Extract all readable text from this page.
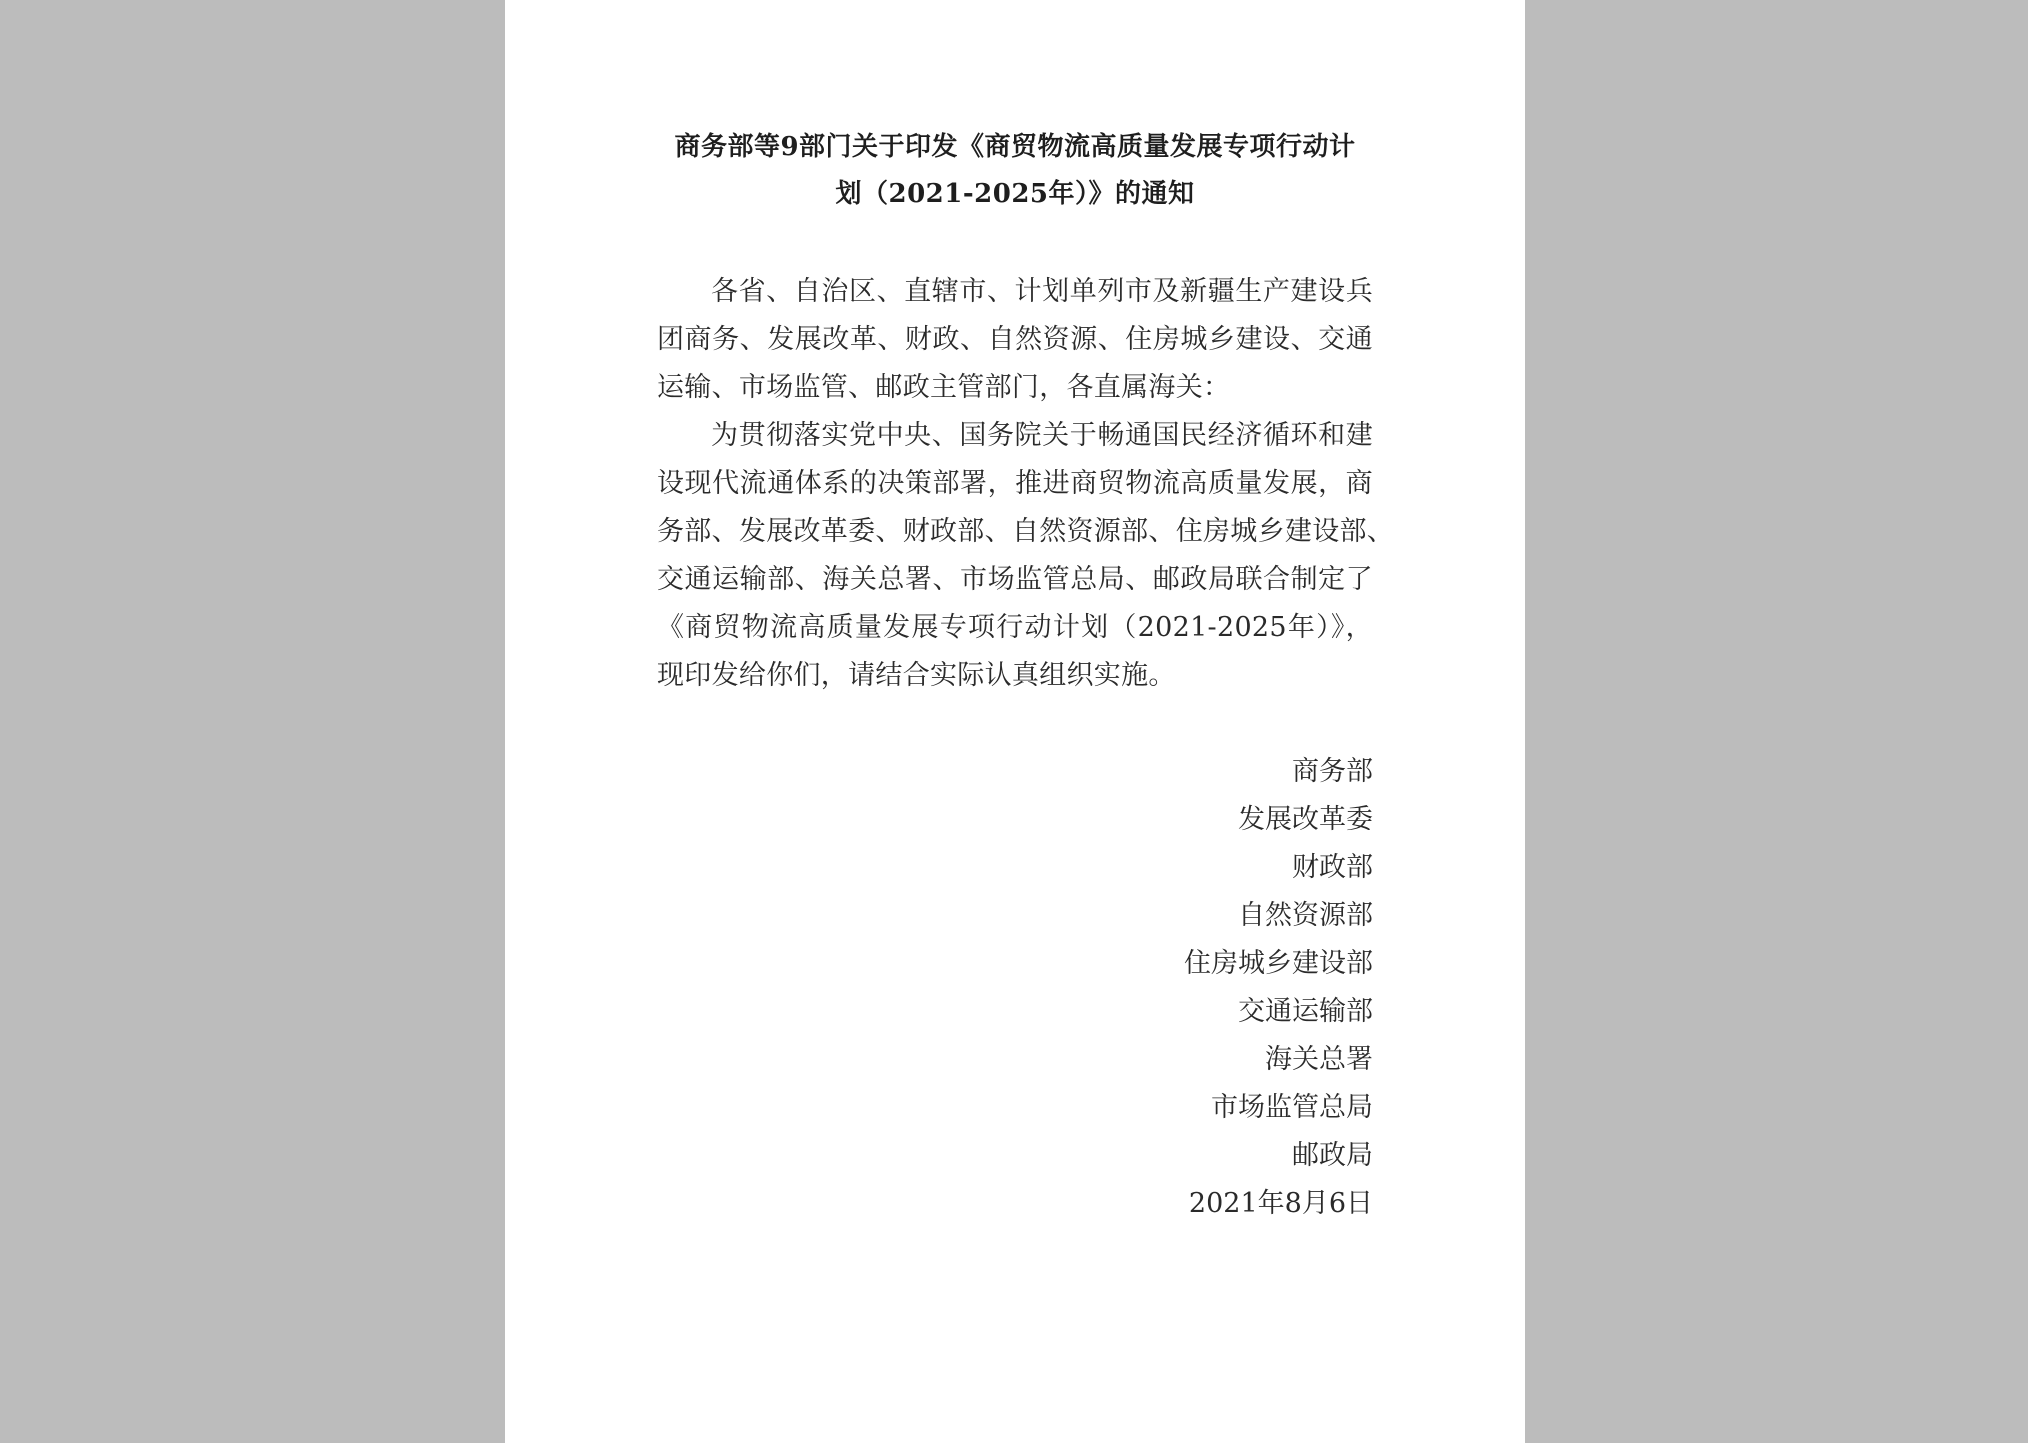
商务部等9部门关于印发《商贸物流高质量发展专项行动计
划（2021-2025年）》的通知
各省、自治区、直辖市、计划单列市及新疆生产建设兵
团商务、发展改革、财政、自然资源、住房城乡建设、交通
运输、市场监管、邮政主管部门，各直属海关：
为贯彻落实党中央、国务院关于畅通国民经济循环和建
设现代流通体系的决策部署，推进商贸物流高质量发展，商
务部、发展改革委、财政部、自然资源部、住房城乡建设部、
交通运输部、海关总署、市场监管总局、邮政局联合制定了
《商贸物流高质量发展专项行动计划（2021-2025年）》，
现印发给你们，请结合实际认真组织实施。
商务部
发展改革委
财政部
自然资源部
住房城乡建设部
交通运输部
海关总署
市场监管总局
邮政局
2021年8月6日
